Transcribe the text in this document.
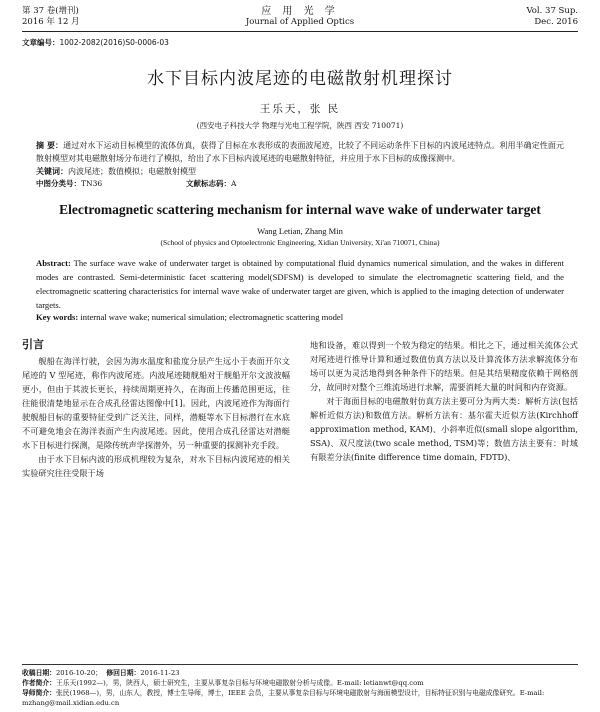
第 37 卷(增刊)
2016 年 12 月
应 用 光 学
Journal of Applied Optics
Vol. 37 Sup.
Dec. 2016
文章编号：1002-2082(2016)S0-0006-03
水下目标内波尾迹的电磁散射机理探讨
王乐天，张 民
(西安电子科技大学 物理与光电工程学院，陕西 西安 710071)
摘 要：通过对水下运动目标模型的流体仿真，获得了目标在水表形成的表面波尾迹，比较了不同运动条件下目标的内波尾迹特点。利用半确定性面元散射模型对其电磁散射场分布进行了模拟，给出了水下目标内波尾迹的电磁散射特征，并应用于水下目标的成像探测中。
关键词：内波尾迹；数值模拟；电磁散射模型
中图分类号：TN36	文献标志码：A
Electromagnetic scattering mechanism for internal wave wake of underwater target
Wang Letian, Zhang Min
(School of physics and Optoelectronic Engineering, Xidian University, Xi'an 710071, China)
Abstract: The surface wave wake of underwater target is obtained by computational fluid dynamics numerical simulation, and the wakes in different modes are contrasted. Semi-deterministic facet scattering model(SDFSM) is developed to simulate the electromagnetic scattering field, and the electromagnetic scattering characteristics for internal wave wake of underwater target are given, which is applied to the imaging detection of underwater targets.
Key words: internal wave wake; numerical simulation; electromagnetic scattering model
引言

舰船在海洋行驶，会因为海水温度和盐度分层产生远小于表面开尔文尾迹的 V 型尾迹，称作内波尾迹。内波尾迹随舰船对于舰船开尔文波波幅更小，但由于其波长更长，持续周期更持久，在海面上传播范围更远，往往能很清楚地显示在合成孔径雷达图像中[1]。因此，内波尾迹作为海面行驶舰船目标的重要特征受到广泛关注，同样，潜艇等水下目标潜行在水底不可避免地会在海洋表面产生内波尾迹。因此，使用合成孔径雷达对潜艇水下目标进行探测，是除传统声学探潜外，另一种重要的探测补充手段。

由于水下目标内波的形成机理较为复杂，对水下目标内波尾迹的相关实验研究往往受限于场

地和设备，难以得到一个较为稳定的结果。相比之下，通过相关流体公式对尾迹进行推导计算和通过数值仿真方法以及计算流体方法求解流体分布场可以更为灵活地得到各种条件下的结果。但是其结果精度依赖于网格剖分，故同时对整个三维流场进行求解，需要消耗大量的时间和内存资源。

对于海面目标的电磁散射仿真方法主要可分为两大类：解析方法(包括解析近似方法)和数值方法。解析方法有：基尔霍夫近似方法(Kirchhoff approximation method, KAM)、小斜率近似(small slope algorithm, SSA)、双尺度法(two scale method, TSM)等；数值方法主要有：时域有限差分法(finite difference time domain, FDTD)、

收稿日期：2016-10-20； 修回日期：2016-11-23
作者简介：王乐天(1992—)，男，陕西人，硕士研究生，主要从事复杂目标与环境电磁散射分析与成像。E-mail: letianwt@qq.com
导师简介：张民(1968—)，男，山东人，教授，博士生导师，博士，IEEE 会员，主要从事复杂目标与环境电磁散射与海面模型设计，目标特征识别与电磁成像研究。E-mail: mzhang@mail.xidian.edu.cn
